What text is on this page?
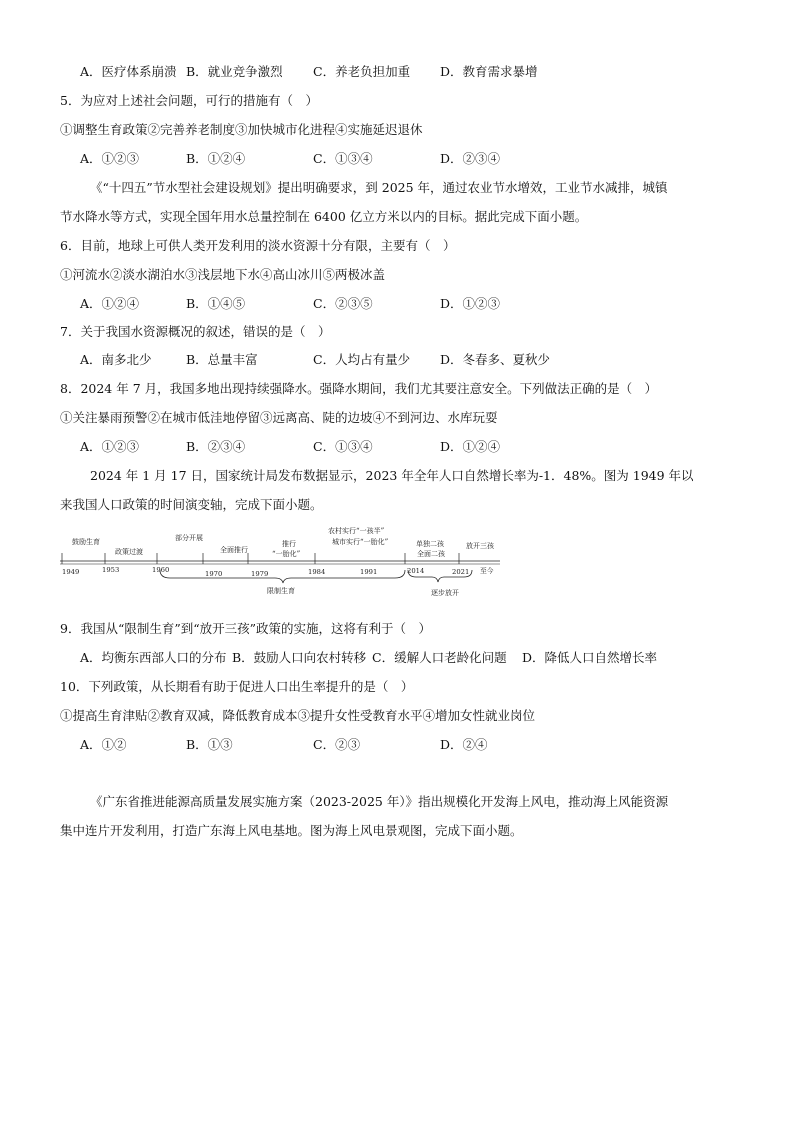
A．医疗体系崩溃 B．就业竞争激烈 C．养老负担加重 D．教育需求暴增
5．为应对上述社会问题，可行的措施有（　）
①调整生育政策②完善养老制度③加快城市化进程④实施延迟退休
A．①②③	B．①②④	C．①③④	D．②③④
《“十四五”节水型社会建设规划》提出明确要求，到 2025 年，通过农业节水增效，工业节水减排，城镇
节水降水等方式，实现全国年用水总量控制在 6400 亿立方米以内的目标。据此完成下面小题。
6．目前，地球上可供人类开发利用的淡水资源十分有限，主要有（　）
①河流水②淡水湖泊水③浅层地下水④高山冰川⑤两极冰盖
A．①②④	B．①④⑤	C．②③⑤	D．①②③
7．关于我国水资源概况的叙述，错误的是（　）
A．南多北少	B．总量丰富	C．人均占有量少 D．冬春多、夏秋少
8．2024 年 7 月，我国多地出现持续强降水。强降水期间，我们尤其要注意安全。下列做法正确的是（　）
①关注暴雨预警②在城市低洼地停留③远离高、陡的边坡④不到河边、水库玩耍
A．①②③	B．②③④	C．①③④	D．①②④
2024 年 1 月 17 日，国家统计局发布数据显示，2023 年全年人口自然增长率为-1．48%。图为 1949 年以
来我国人口政策的时间演变轴，完成下面小题。
鼓励生育
政策过渡
部分开展
全面推行
推行
“一胎化”
农村实行“一孩半”
城市实行“一胎化”	单独二孩
全面二孩
放开三孩
1949	1953	1960	1970	1979	1984	1991	2014	2021 至今
限制生育	逐步放开
9．我国从“限制生育”到“放开三孩”政策的实施，这将有利于（　）
A．均衡东西部人口的分布 B．鼓励人口向农村转移 C．缓解人口老龄化问题 D．降低人口自然增长率
10．下列政策，从长期看有助于促进人口出生率提升的是（　）
①提高生育津贴②教育双减，降低教育成本③提升女性受教育水平④增加女性就业岗位
A．①②	B．①③	C．②③	D．②④
《广东省推进能源高质量发展实施方案（2023-2025 年）》指出规模化开发海上风电，推动海上风能资源
集中连片开发利用，打造广东海上风电基地。图为海上风电景观图，完成下面小题。
